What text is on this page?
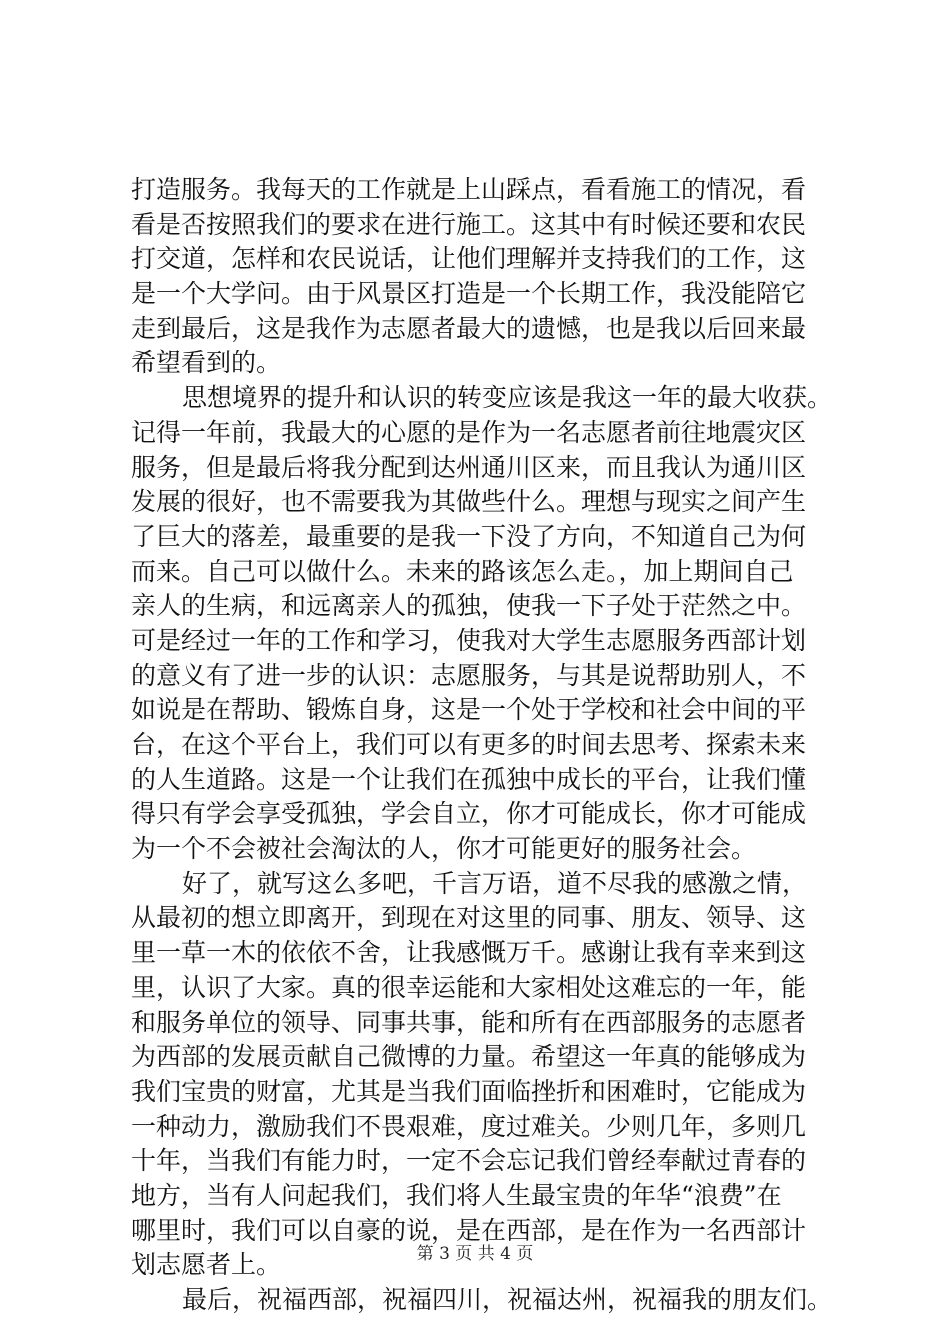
打造服务。我每天的工作就是上山踩点，看看施工的情况，看
看是否按照我们的要求在进行施工。这其中有时候还要和农民
打交道，怎样和农民说话，让他们理解并支持我们的工作，这
是一个大学问。由于风景区打造是一个长期工作，我没能陪它
走到最后，这是我作为志愿者最大的遗憾，也是我以后回来最
希望看到的。
思想境界的提升和认识的转变应该是我这一年的最大收获。
记得一年前，我最大的心愿的是作为一名志愿者前往地震灾区
服务，但是最后将我分配到达州通川区来，而且我认为通川区
发展的很好，也不需要我为其做些什么。理想与现实之间产生
了巨大的落差，最重要的是我一下没了方向，不知道自己为何
而来。自己可以做什么。未来的路该怎么走。，加上期间自己
亲人的生病，和远离亲人的孤独，使我一下子处于茫然之中。
可是经过一年的工作和学习，使我对大学生志愿服务西部计划
的意义有了进一步的认识：志愿服务，与其是说帮助别人，不
如说是在帮助、锻炼自身，这是一个处于学校和社会中间的平
台，在这个平台上，我们可以有更多的时间去思考、探索未来
的人生道路。这是一个让我们在孤独中成长的平台，让我们懂
得只有学会享受孤独，学会自立，你才可能成长，你才可能成
为一个不会被社会淘汰的人，你才可能更好的服务社会。
好了，就写这么多吧，千言万语，道不尽我的感激之情，
从最初的想立即离开，到现在对这里的同事、朋友、领导、这
里一草一木的依依不舍，让我感慨万千。感谢让我有幸来到这
里，认识了大家。真的很幸运能和大家相处这难忘的一年，能
和服务单位的领导、同事共事，能和所有在西部服务的志愿者
为西部的发展贡献自己微博的力量。希望这一年真的能够成为
我们宝贵的财富，尤其是当我们面临挫折和困难时，它能成为
一种动力，激励我们不畏艰难，度过难关。少则几年，多则几
十年，当我们有能力时，一定不会忘记我们曾经奉献过青春的
地方，当有人问起我们，我们将人生最宝贵的年华“浪费”在
哪里时，我们可以自豪的说，是在西部，是在作为一名西部计
划志愿者上。
最后，祝福西部，祝福四川，祝福达州，祝福我的朋友们。
第 3 页 共 4 页
